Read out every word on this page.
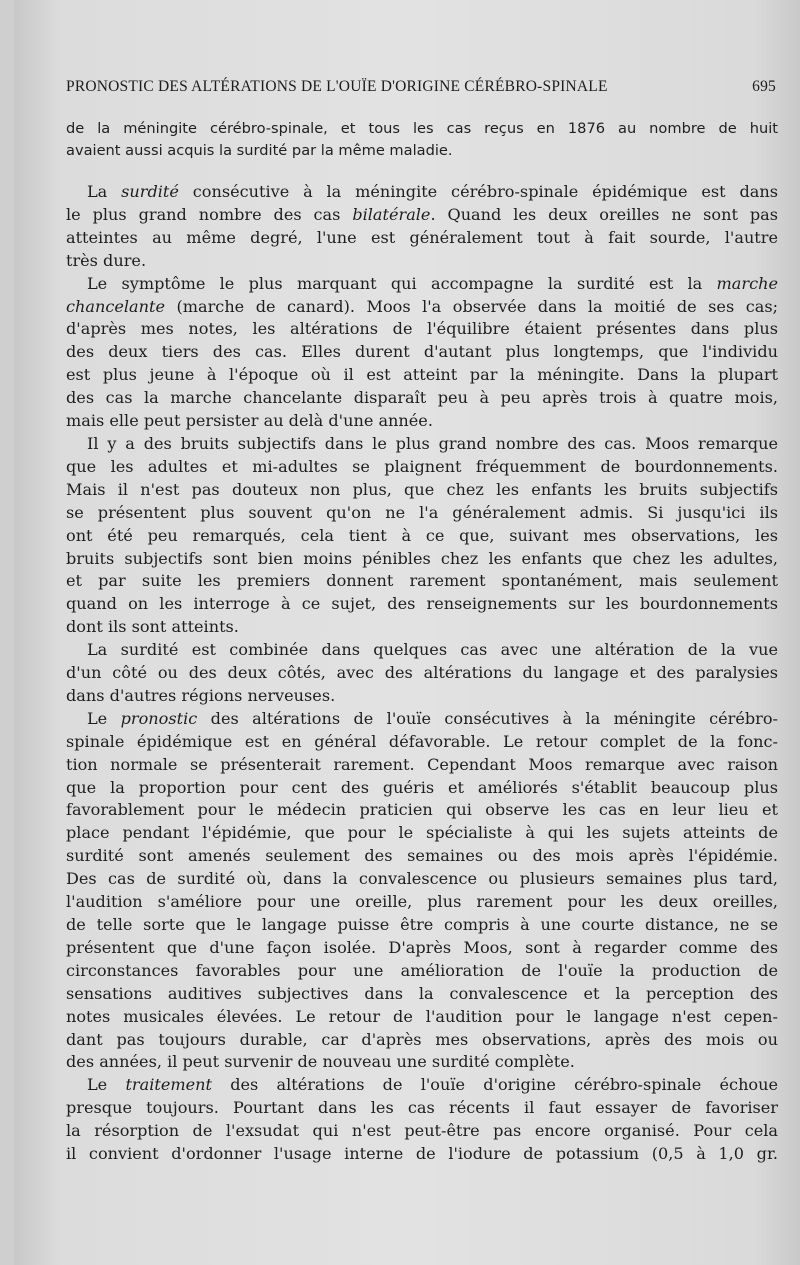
PRONOSTIC DES ALTÉRATIONS DE L'OUÏE D'ORIGINE CÉRÉBRO-SPINALE	695
de la méningite cérébro-spinale, et tous les cas reçus en 1876 au nombre de huit
avaient aussi acquis la surdité par la même maladie.

La surdité consécutive à la méningite cérébro-spinale épidémique est dans
le plus grand nombre des cas bilatérale. Quand les deux oreilles ne sont pas
atteintes au même degré, l'une est généralement tout à fait sourde, l'autre
très dure.

Le symptôme le plus marquant qui accompagne la surdité est la marche
chancelante (marche de canard). Moos l'a observée dans la moitié de ses cas;
d'après mes notes, les altérations de l'équilibre étaient présentes dans plus
des deux tiers des cas. Elles durent d'autant plus longtemps, que l'individu
est plus jeune à l'époque où il est atteint par la méningite. Dans la plupart
des cas la marche chancelante disparaît peu à peu après trois à quatre mois,
mais elle peut persister au delà d'une année.

Il y a des bruits subjectifs dans le plus grand nombre des cas. Moos remarque
que les adultes et mi-adultes se plaignent fréquemment de bourdonnements.
Mais il n'est pas douteux non plus, que chez les enfants les bruits subjectifs
se présentent plus souvent qu'on ne l'a généralement admis. Si jusqu'ici ils
ont été peu remarqués, cela tient à ce que, suivant mes observations, les
bruits subjectifs sont bien moins pénibles chez les enfants que chez les adultes,
et par suite les premiers donnent rarement spontanément, mais seulement
quand on les interroge à ce sujet, des renseignements sur les bourdonnements
dont ils sont atteints.

La surdité est combinée dans quelques cas avec une altération de la vue
d'un côté ou des deux côtés, avec des altérations du langage et des paralysies
dans d'autres régions nerveuses.

Le pronostic des altérations de l'ouïe consécutives à la méningite cérébro-
spinale épidémique est en général défavorable. Le retour complet de la fonc-
tion normale se présenterait rarement. Cependant Moos remarque avec raison
que la proportion pour cent des guéris et améliorés s'établit beaucoup plus
favorablement pour le médecin praticien qui observe les cas en leur lieu et
place pendant l'épidémie, que pour le spécialiste à qui les sujets atteints de
surdité sont amenés seulement des semaines ou des mois après l'épidémie.
Des cas de surdité où, dans la convalescence ou plusieurs semaines plus tard,
l'audition s'améliore pour une oreille, plus rarement pour les deux oreilles,
de telle sorte que le langage puisse être compris à une courte distance, ne se
présentent que d'une façon isolée. D'après Moos, sont à regarder comme des
circonstances favorables pour une amélioration de l'ouïe la production de
sensations auditives subjectives dans la convalescence et la perception des
notes musicales élevées. Le retour de l'audition pour le langage n'est cepen-
dant pas toujours durable, car d'après mes observations, après des mois ou
des années, il peut survenir de nouveau une surdité complète.

Le traitement des altérations de l'ouïe d'origine cérébro-spinale échoue
presque toujours. Pourtant dans les cas récents il faut essayer de favoriser
la résorption de l'exsudat qui n'est peut-être pas encore organisé. Pour cela
il convient d'ordonner l'usage interne de l'iodure de potassium (0,5 à 1,0 gr.
